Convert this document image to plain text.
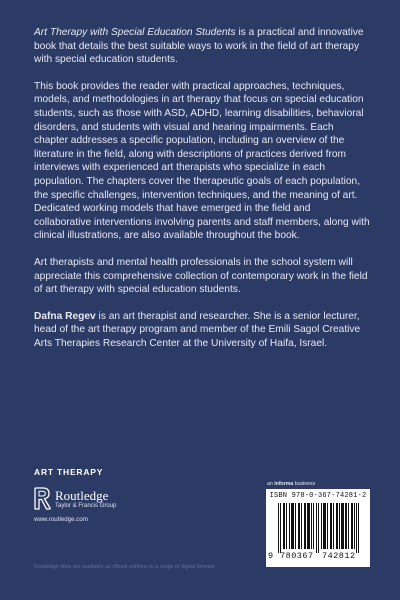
Art Therapy with Special Education Students is a practical and innovative book that details the best suitable ways to work in the field of art therapy with special education students.

This book provides the reader with practical approaches, techniques, models, and methodologies in art therapy that focus on special education students, such as those with ASD, ADHD, learning disabilities, behavioral disorders, and students with visual and hearing impairments. Each chapter addresses a specific population, including an overview of the literature in the field, along with descriptions of practices derived from interviews with experienced art therapists who specialize in each population. The chapters cover the therapeutic goals of each population, the specific challenges, intervention techniques, and the meaning of art. Dedicated working models that have emerged in the field and collaborative interventions involving parents and staff members, along with clinical illustrations, are also available throughout the book.

Art therapists and mental health professionals in the school system will appreciate this comprehensive collection of contemporary work in the field of art therapy with special education students.

Dafna Regev is an art therapist and researcher. She is a senior lecturer, head of the art therapy program and member of the Emili Sagol Creative Arts Therapies Research Center at the University of Haifa, Israel.

ART THERAPY
Routledge
Taylor & Francis Group
www.routledge.com
Routledge titles are available as eBook editions in a range of digital formats
an informa business
ISBN 978-0-367-74281-2
9 780367 742812
